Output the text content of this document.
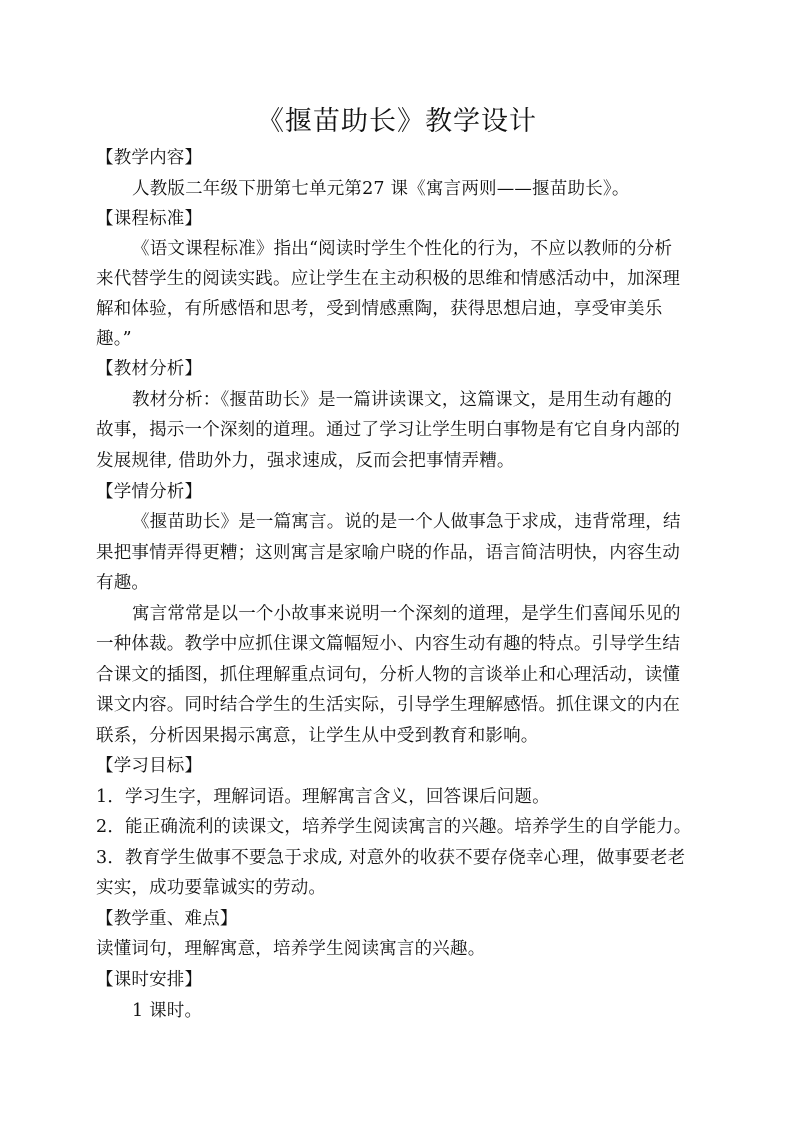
《揠苗助长》教学设计
【教学内容】
人教版二年级下册第七单元第27 课《寓言两则——揠苗助长》。
【课程标准】
《语文课程标准》指出“阅读时学生个性化的行为，不应以教师的分析
来代替学生的阅读实践。应让学生在主动积极的思维和情感活动中，加深理
解和体验，有所感悟和思考，受到情感熏陶，获得思想启迪，享受审美乐
趣。”
【教材分析】
教材分析：《揠苗助长》是一篇讲读课文，这篇课文，是用生动有趣的
故事，揭示一个深刻的道理。通过了学习让学生明白事物是有它自身内部的
发展规律, 借助外力，强求速成，反而会把事情弄糟。
【学情分析】
《揠苗助长》是一篇寓言。说的是一个人做事急于求成，违背常理，结
果把事情弄得更糟；这则寓言是家喻户晓的作品，语言简洁明快，内容生动
有趣。
寓言常常是以一个小故事来说明一个深刻的道理，是学生们喜闻乐见的
一种体裁。教学中应抓住课文篇幅短小、内容生动有趣的特点。引导学生结
合课文的插图，抓住理解重点词句，分析人物的言谈举止和心理活动，读懂
课文内容。同时结合学生的生活实际，引导学生理解感悟。抓住课文的内在
联系，分析因果揭示寓意，让学生从中受到教育和影响。
【学习目标】
1．学习生字，理解词语。理解寓言含义，回答课后问题。
2．能正确流利的读课文，培养学生阅读寓言的兴趣。培养学生的自学能力。
3．教育学生做事不要急于求成, 对意外的收获不要存侥幸心理，做事要老老
实实，成功要靠诚实的劳动。
【教学重、难点】
读懂词句，理解寓意，培养学生阅读寓言的兴趣。
【课时安排】
1 课时。
